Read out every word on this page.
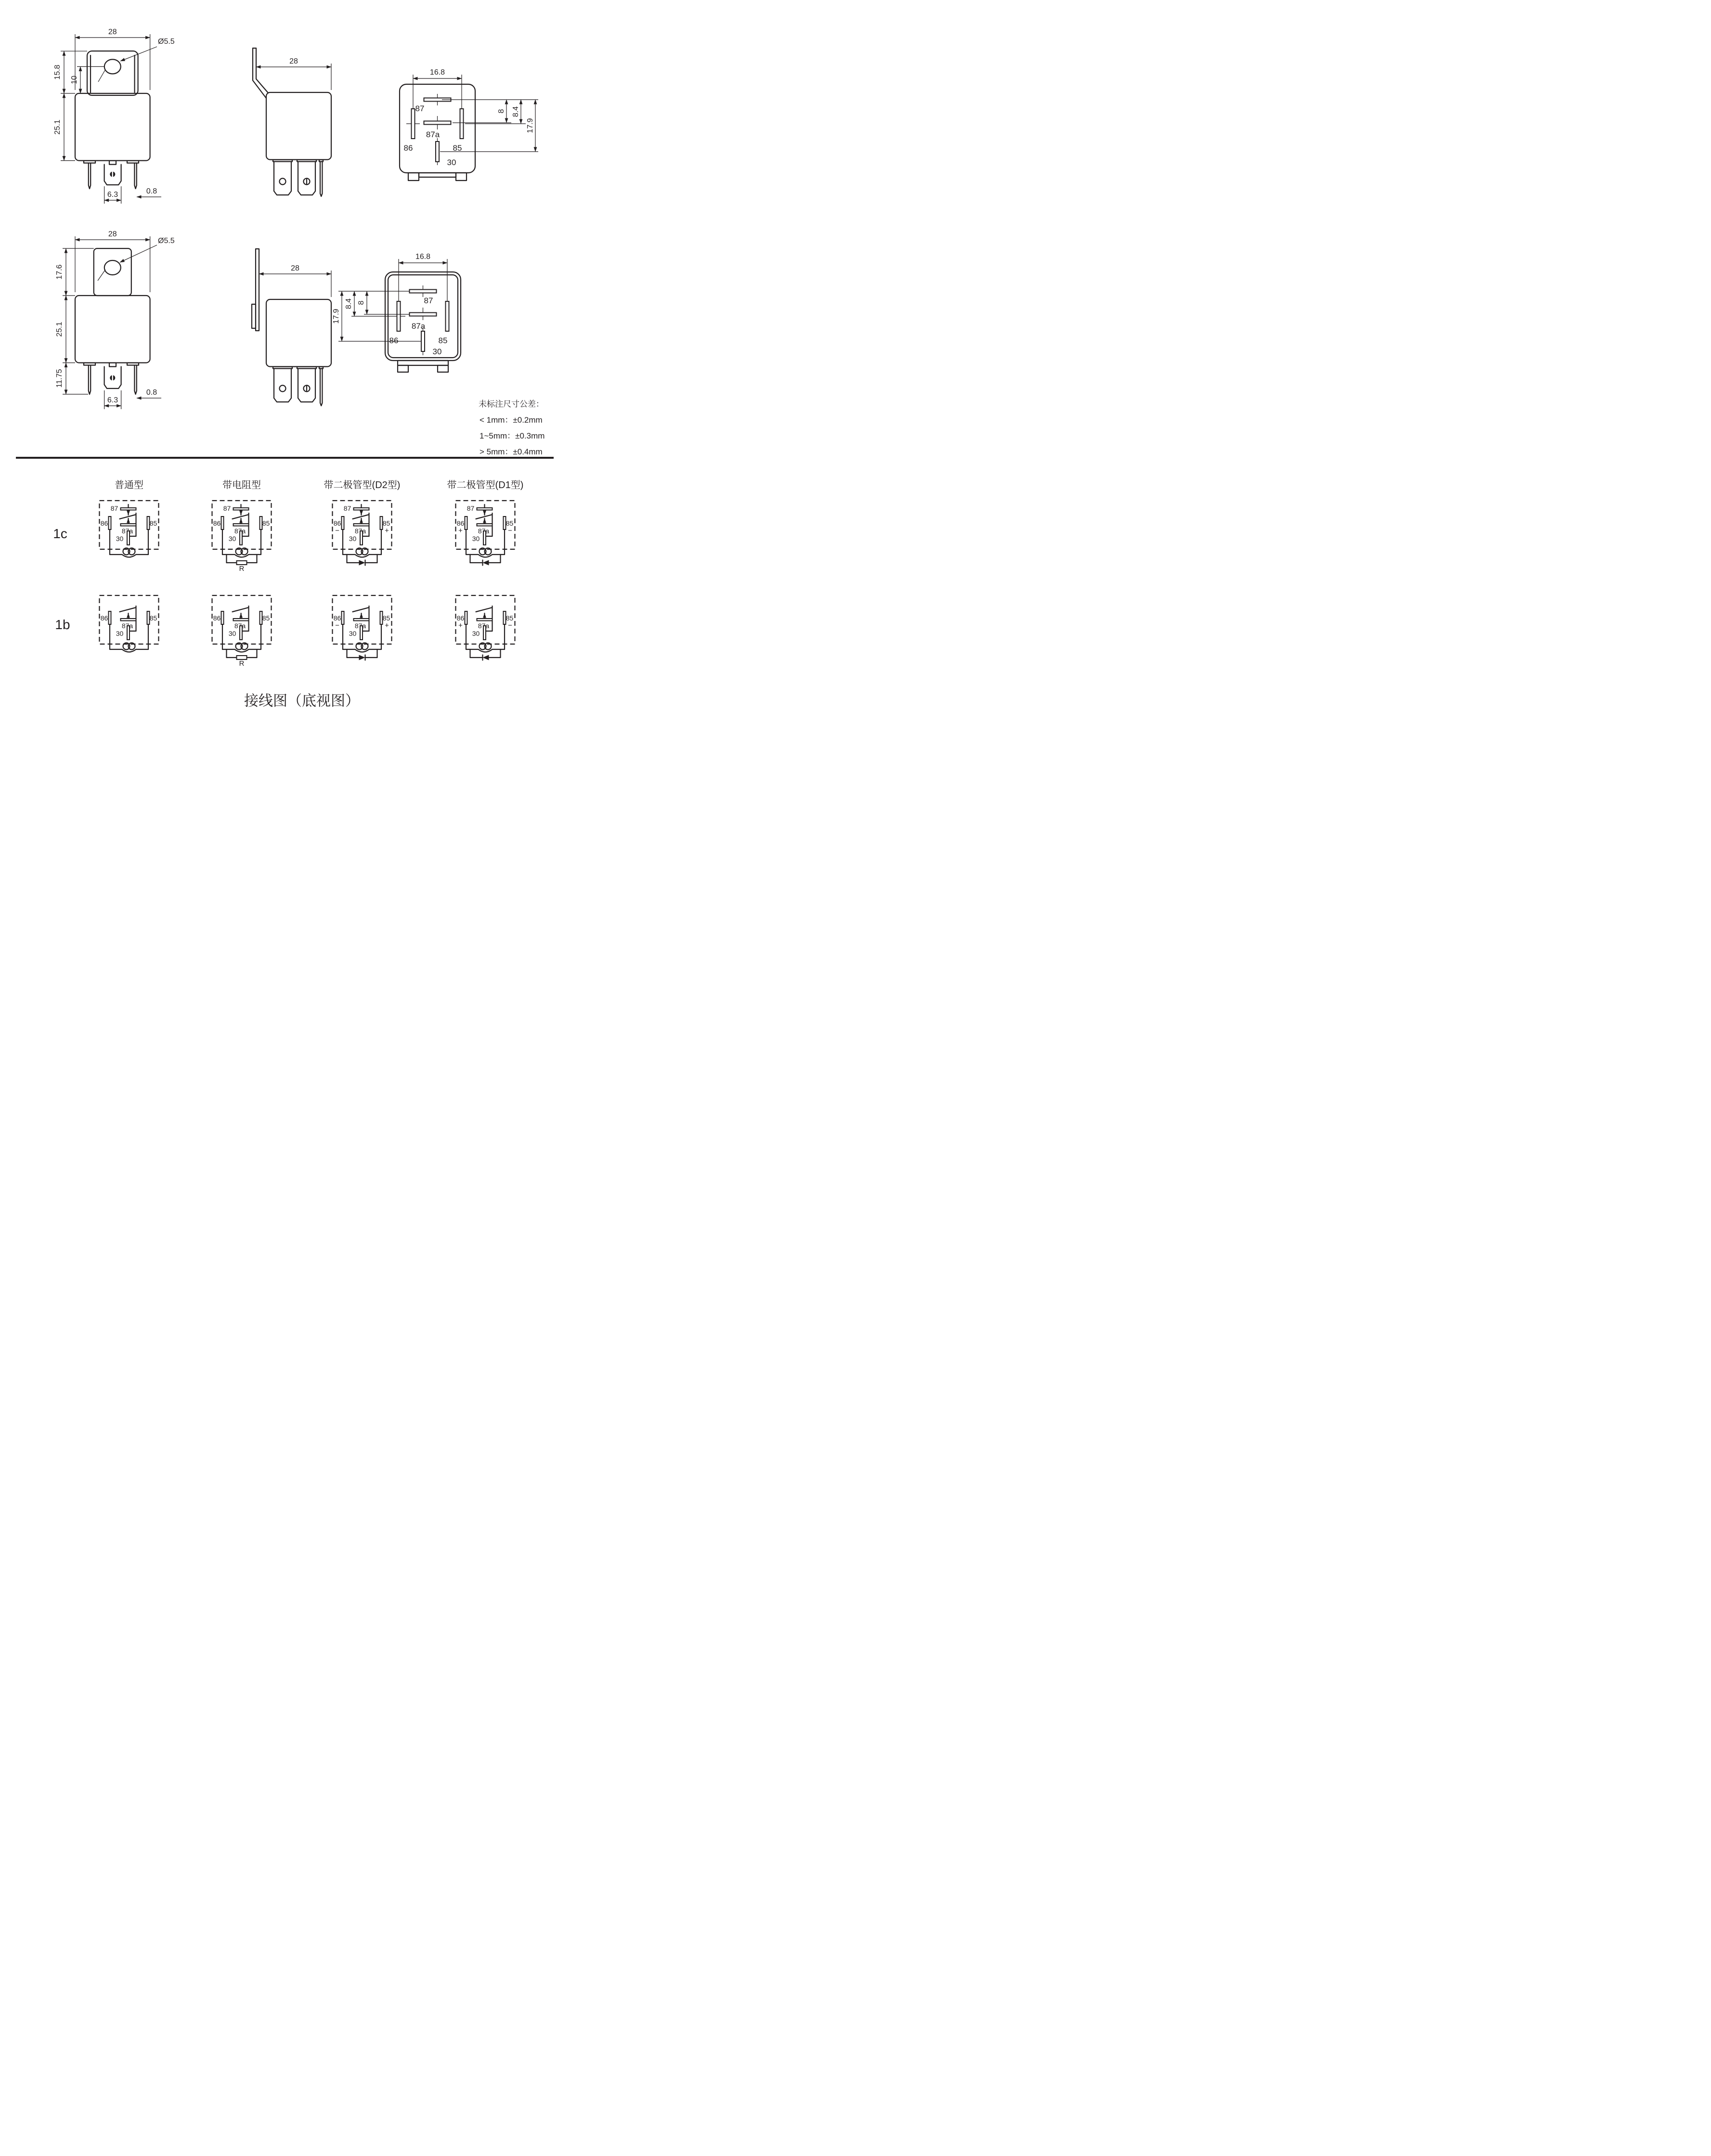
Ø5.5
28
15.8
10
25.1
6.3	0.8
28
16.8
87
87a
86	85
30
8 8.4
17.9
Ø5.5
28
17.6
25.1
11.75
6.3
0.8
28
16.8
87
87a
86	85
30
8
8.4
17.9
未标注尺寸公差：
< 1mm：±0.2mm
1~5mm：±0.3mm
> 5mm：±0.4mm
普通型	带电阻型	带二极管型(D2型)	带二极管型(D1型)
1c
1b
87
87a
86	85
30
87
87a
86	85
30
R
87
87a
86	85
30
−	+
87
87a
86	85
30
+	−
87a
86	85
30
87a
86	85
30
R
87a
86	85
30
−	+	87a
86	85
30
+	−
接线图（底视图）
